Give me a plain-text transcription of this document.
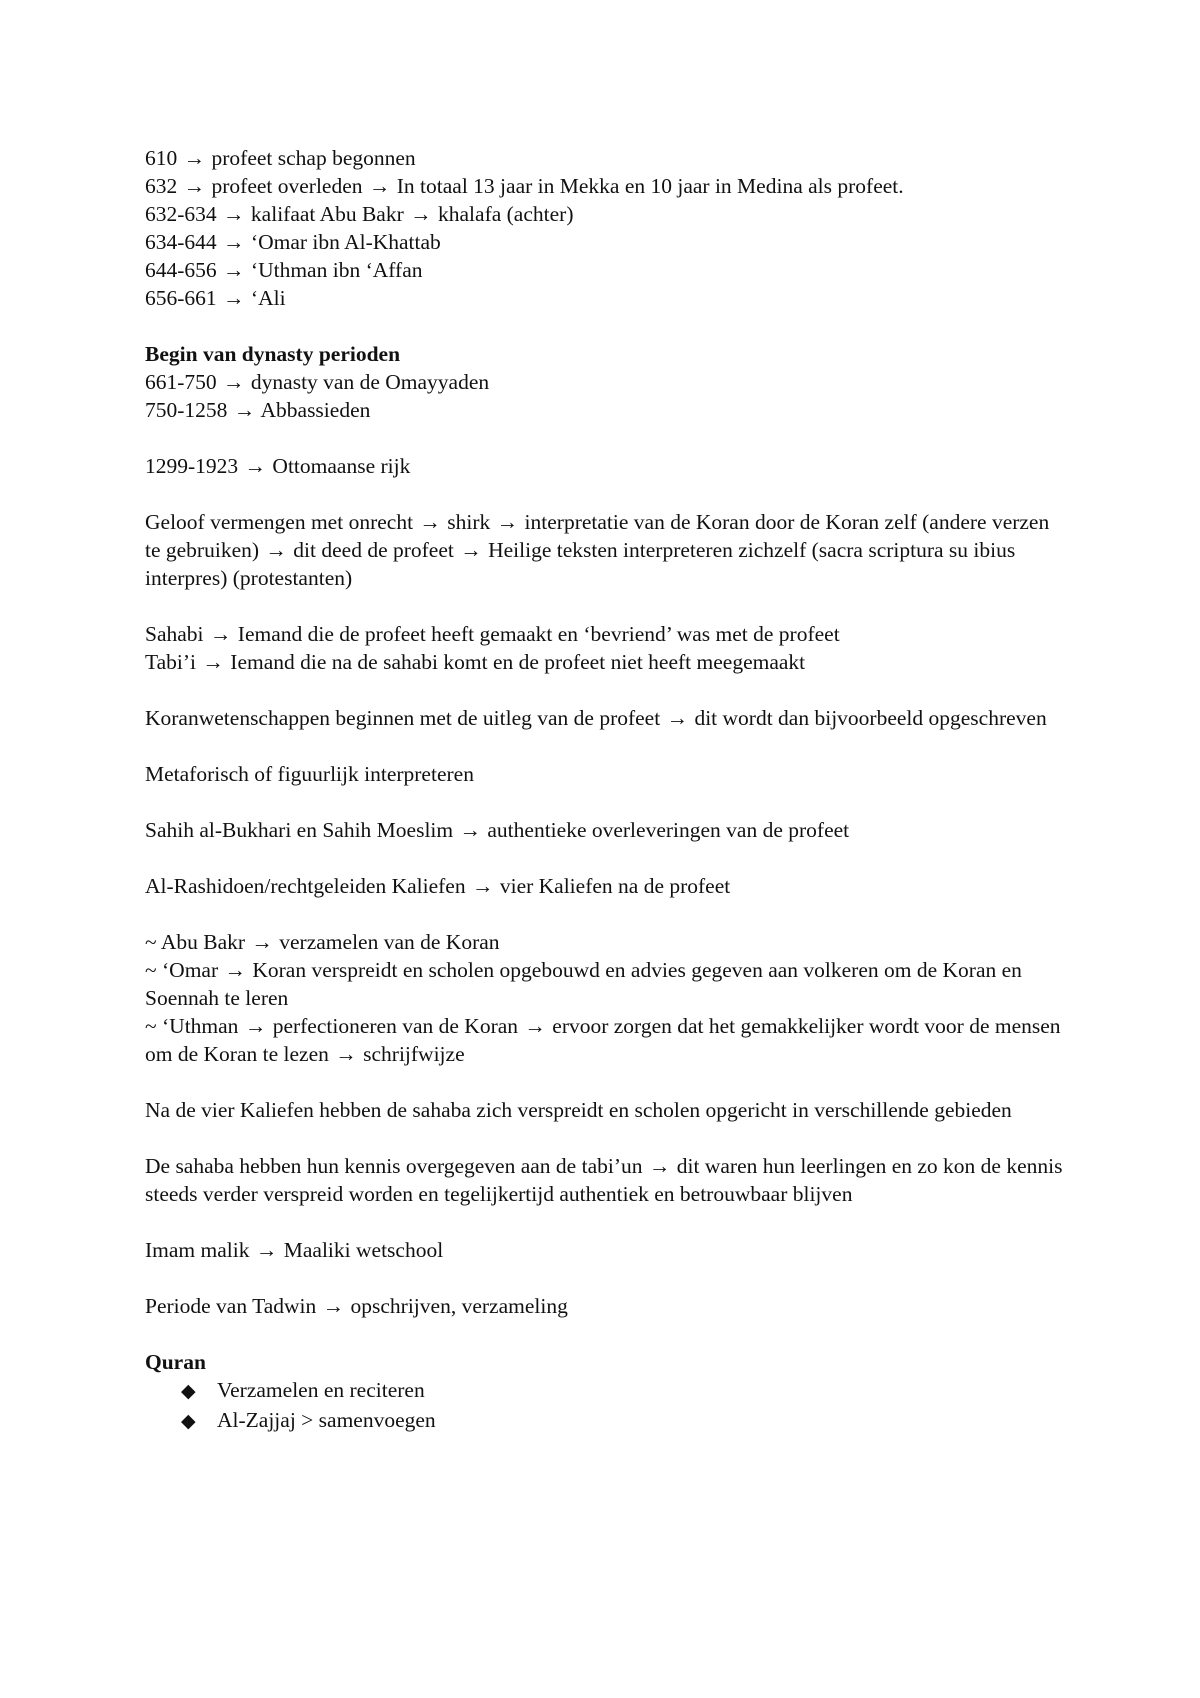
610 → profeet schap begonnen
632 → profeet overleden → In totaal 13 jaar in Mekka en 10 jaar in Medina als profeet.
632-634 → kalifaat Abu Bakr → khalafa (achter)
634-644 → ‘Omar ibn Al-Khattab
644-656 → ‘Uthman ibn ‘Affan
656-661 → ‘Ali
Begin van dynasty perioden
661-750 → dynasty van de Omayyaden
750-1258 → Abbassieden
1299-1923 → Ottomaanse rijk
Geloof vermengen met onrecht → shirk → interpretatie van de Koran door de Koran zelf (andere verzen te gebruiken) → dit deed de profeet → Heilige teksten interpreteren zichzelf (sacra scriptura su ibius interpres) (protestanten)
Sahabi → Iemand die de profeet heeft gemaakt en ‘bevriend’ was met de profeet
Tabi’i → Iemand die na de sahabi komt en de profeet niet heeft meegemaakt
Koranwetenschappen beginnen met de uitleg van de profeet → dit wordt dan bijvoorbeeld opgeschreven
Metaforisch of figuurlijk interpreteren
Sahih al-Bukhari en Sahih Moeslim → authentieke overleveringen van de profeet
Al-Rashidoen/rechtgeleiden Kaliefen → vier Kaliefen na de profeet
~ Abu Bakr → verzamelen van de Koran
~ ‘Omar → Koran verspreidt en scholen opgebouwd en advies gegeven aan volkeren om de Koran en Soennah te leren
~ ‘Uthman → perfectioneren van de Koran → ervoor zorgen dat het gemakkelijker wordt voor de mensen om de Koran te lezen → schrijfwijze
Na de vier Kaliefen hebben de sahaba zich verspreidt en scholen opgericht in verschillende gebieden
De sahaba hebben hun kennis overgegeven aan de tabi’un → dit waren hun leerlingen en zo kon de kennis steeds verder verspreid worden en tegelijkertijd authentiek en betrouwbaar blijven
Imam malik → Maaliki wetschool
Periode van Tadwin → opschrijven, verzameling
Quran
◆ Verzamelen en reciteren
◆ Al-Zajjaj > samenvoegen
